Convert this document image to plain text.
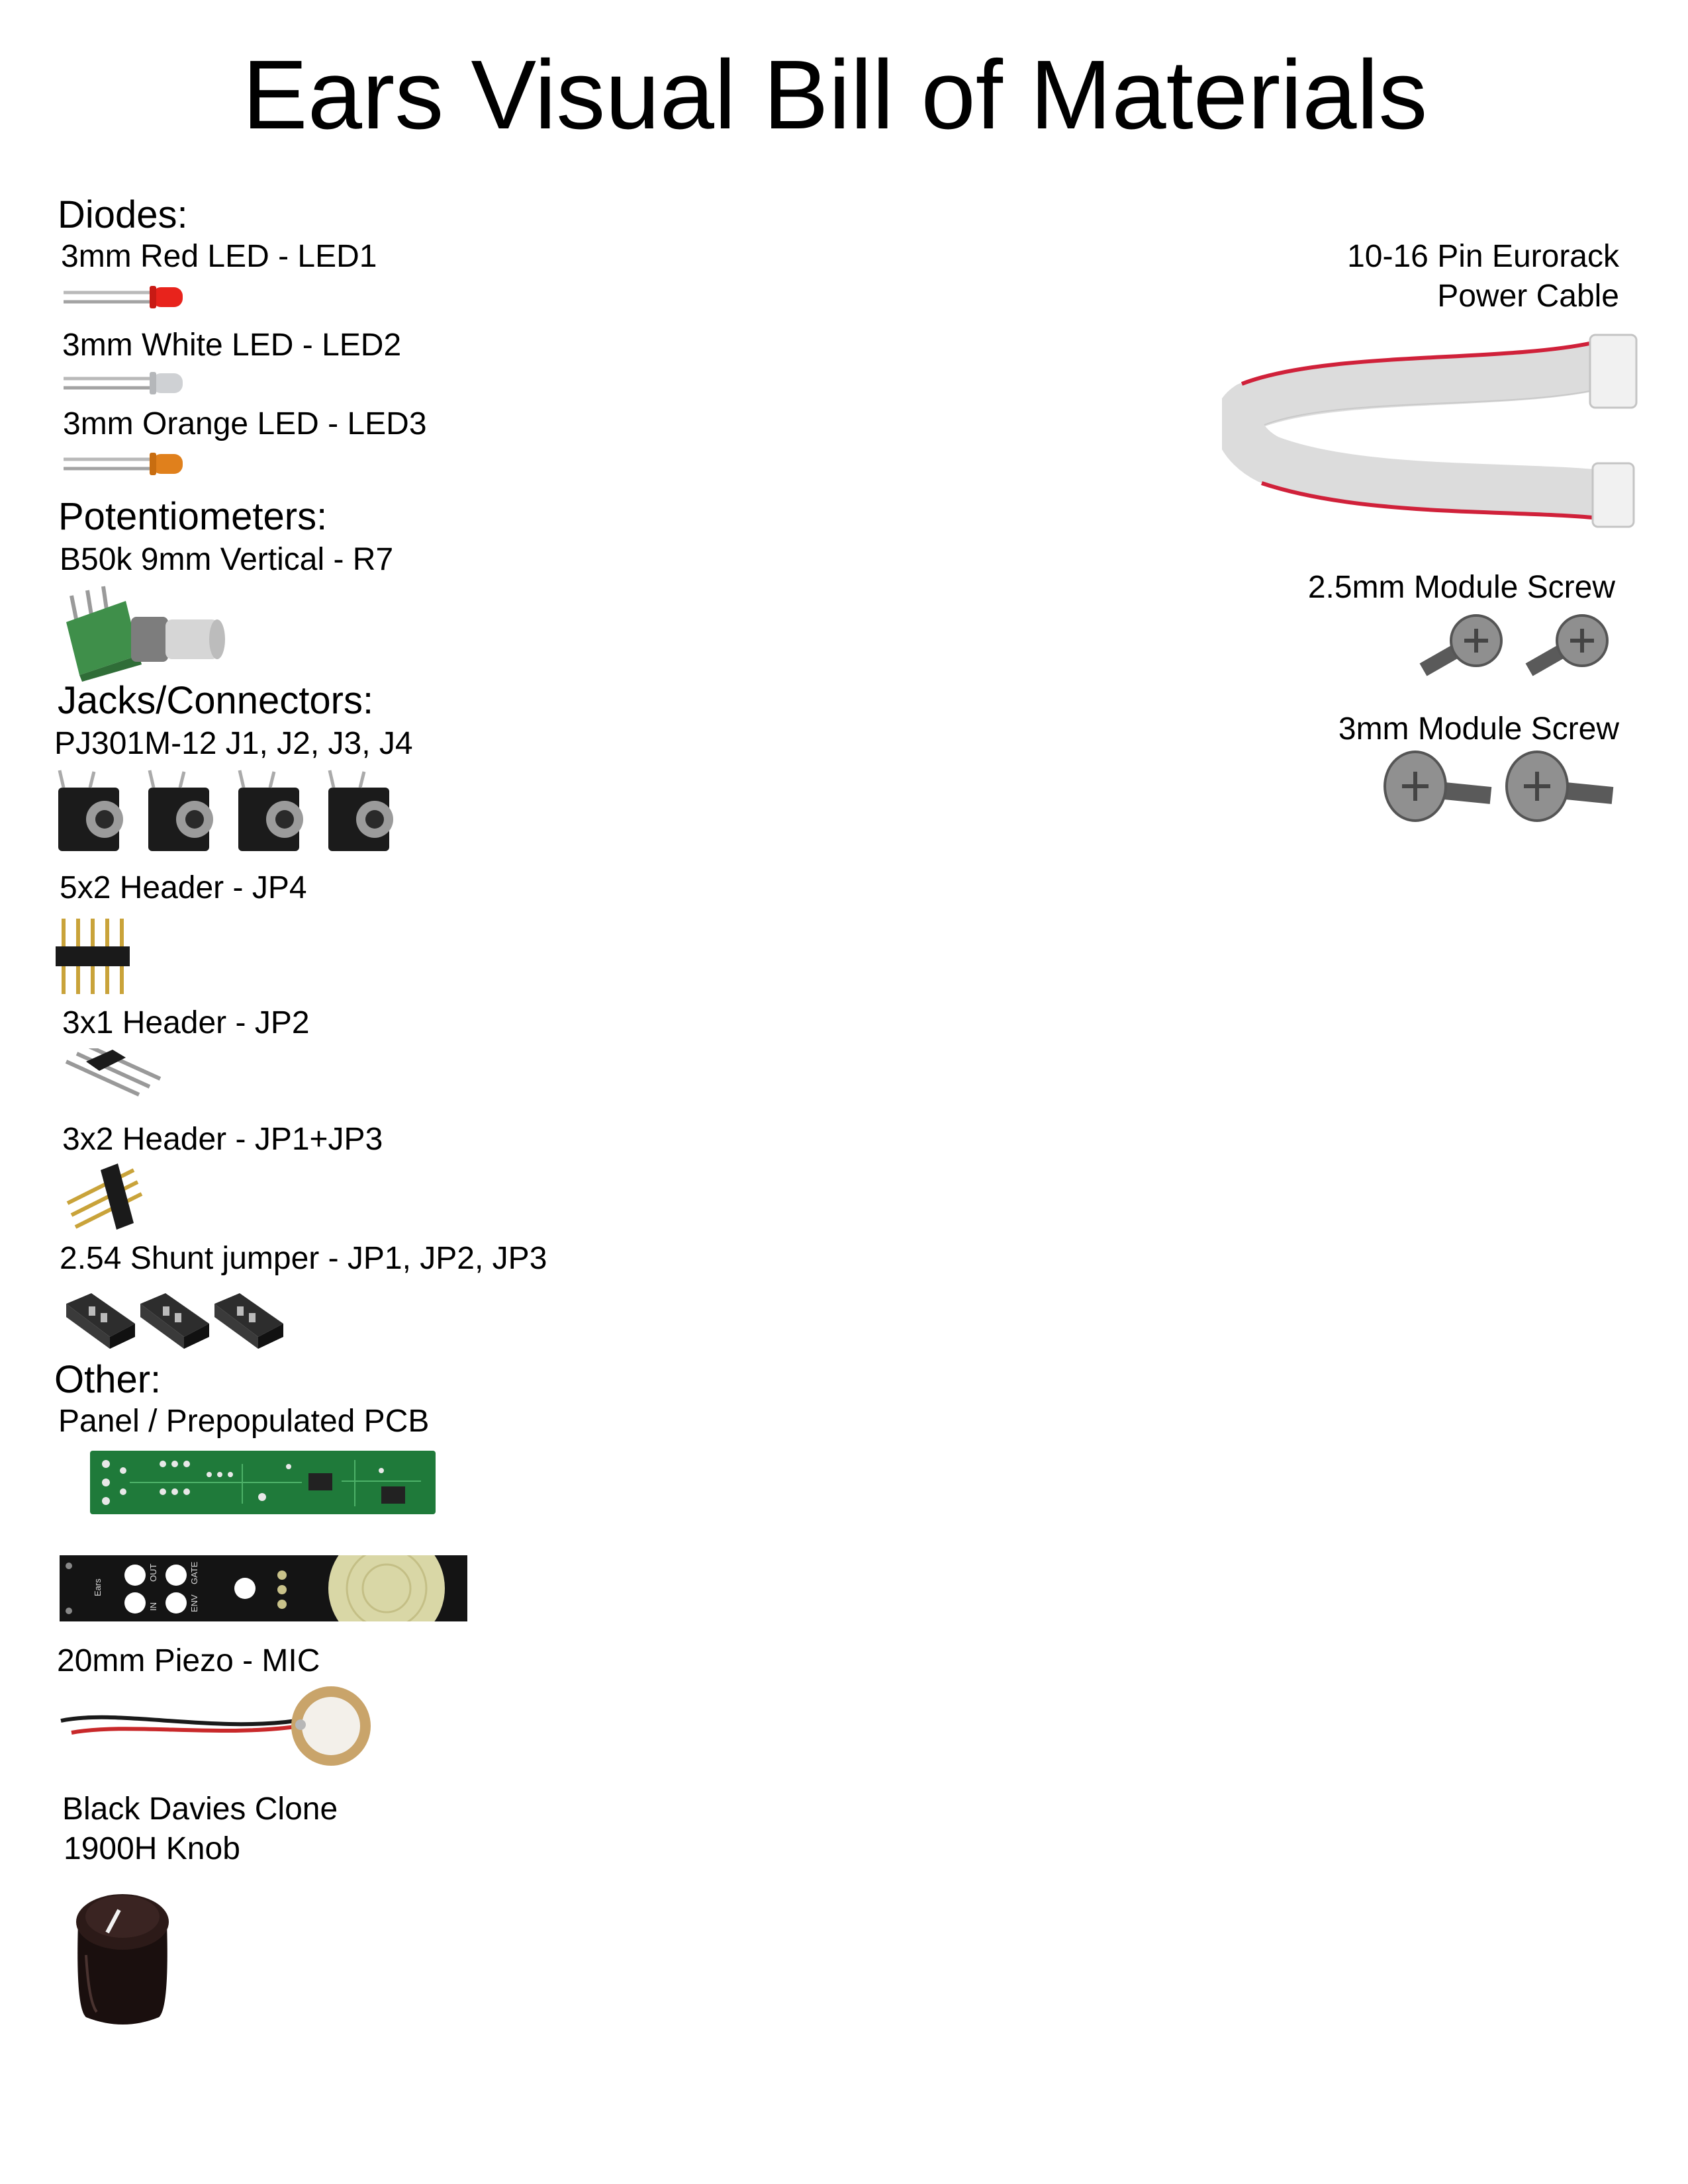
Ears Visual Bill of Materials
Diodes:
3mm Red LED - LED1
3mm White LED - LED2
3mm Orange LED - LED3
Potentiometers:
B50k 9mm Vertical - R7
Jacks/Connectors:
PJ301M-12 J1, J2, J3, J4
5x2 Header - JP4
3x1 Header - JP2
3x2 Header - JP1+JP3
2.54 Shunt jumper - JP1, JP2, JP3
Other:
Panel / Prepopulated PCB
Ears
IN
OUT
ENV
GATE
20mm Piezo - MIC
Black Davies Clone
1900H Knob
10-16 Pin Eurorack
Power Cable
2.5mm Module Screw
3mm Module Screw
